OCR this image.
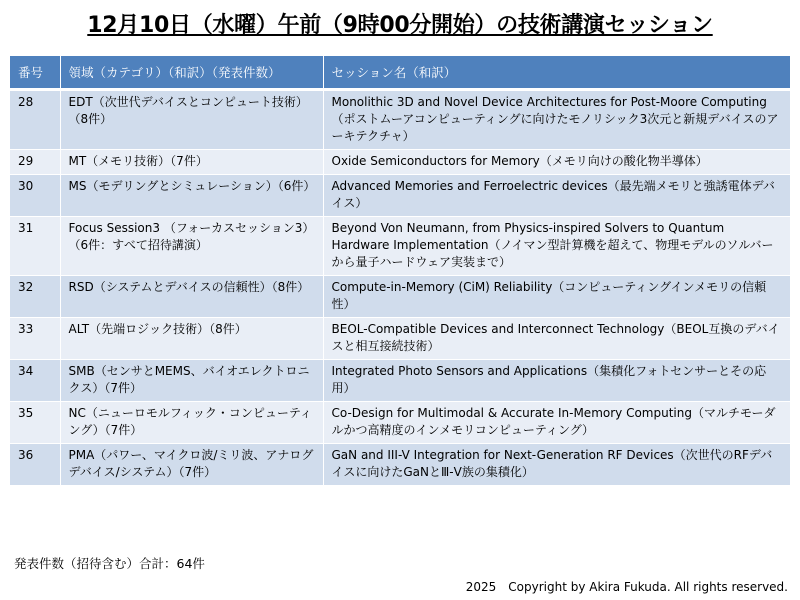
12月10日（水曜）午前（9時00分開始）の技術講演セッション
番号	領域（カテゴリ）（和訳）（発表件数）	セッション名（和訳）
28	EDT（次世代デバイスとコンピュート技術）（8件）	Monolithic 3D and Novel Device Architectures for Post-Moore Computing（ポストムーアコンピューティングに向けたモノリシック3次元と新規デバイスのアーキテクチャ）
29	MT（メモリ技術）（7件）	Oxide Semiconductors for Memory（メモリ向けの酸化物半導体）
30	MS（モデリングとシミュレーション）（6件）	Advanced Memories and Ferroelectric devices（最先端メモリと強誘電体デバイス）
31	Focus Session3 （フォーカスセッション3）（6件：すべて招待講演）	Beyond Von Neumann, from Physics-inspired Solvers to Quantum Hardware Implementation（ノイマン型計算機を超えて、物理モデルのソルバーから量子ハードウェア実装まで）
32	RSD（システムとデバイスの信頼性）（8件）	Compute-in-Memory (CiM) Reliability（コンピューティングインメモリの信頼性）
33	ALT（先端ロジック技術）（8件）	BEOL-Compatible Devices and Interconnect Technology（BEOL互換のデバイスと相互接続技術）
34	SMB（センサとMEMS、バイオエレクトロニクス）（7件）	Integrated Photo Sensors and Applications（集積化フォトセンサーとその応用）
35	NC（ニューロモルフィック・コンピューティング）（7件）	Co-Design for Multimodal & Accurate In-Memory Computing（マルチモーダルかつ高精度のインメモリコンピューティング）
36	PMA（パワー、マイクロ波/ミリ波、アナログデバイス/システム）（7件）	GaN and III-V Integration for Next-Generation RF Devices（次世代のRFデバイスに向けたGaNとⅢ-Ⅴ族の集積化）
発表件数（招待含む）合計：64件
2025　Copyright by Akira Fukuda. All rights reserved.
